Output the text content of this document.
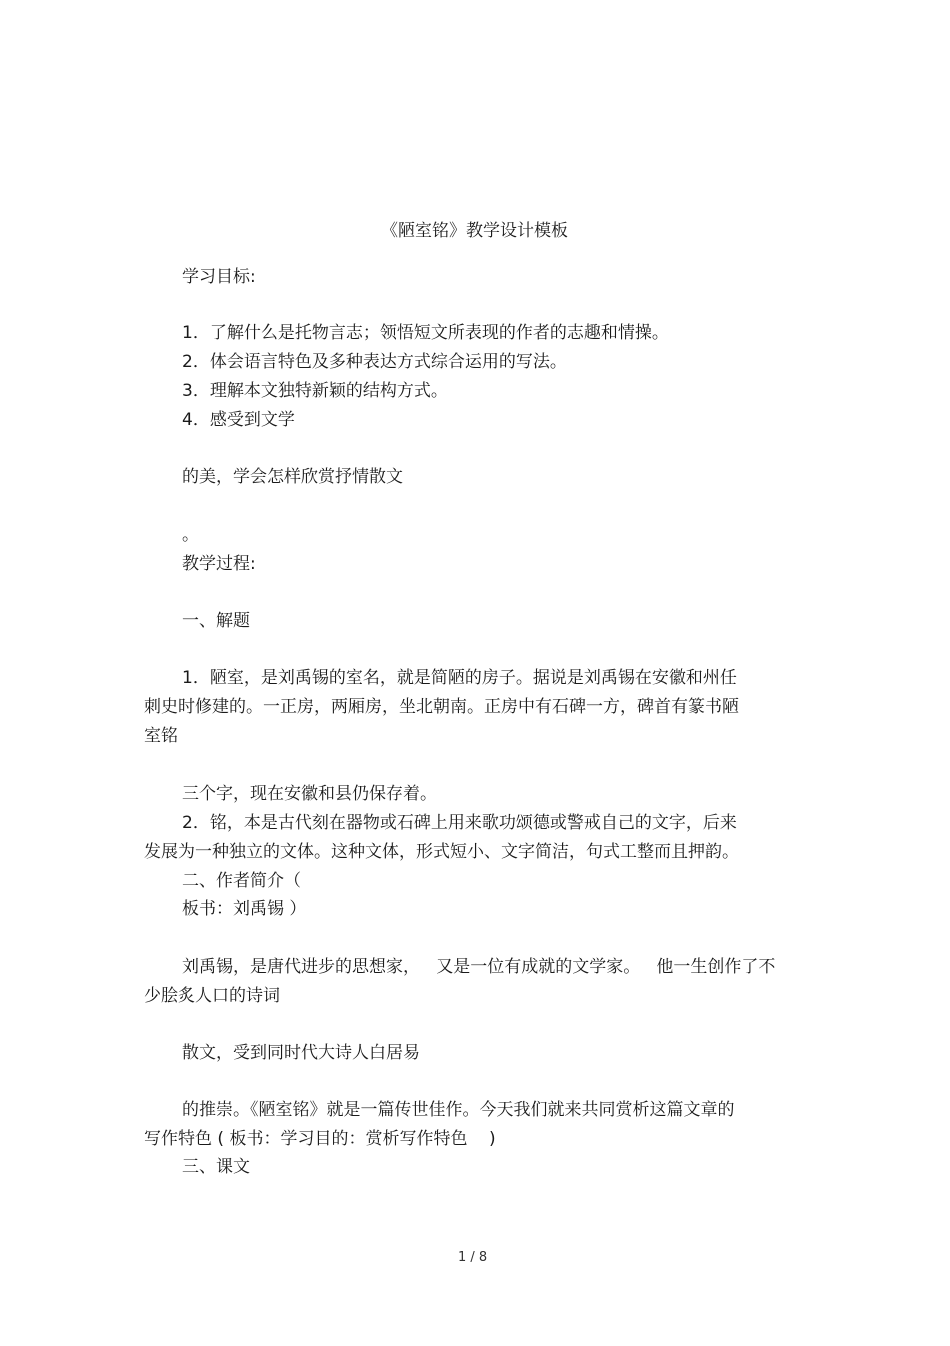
《陋室铭》教学设计模板
学习目标:
1．了解什么是托物言志；领悟短文所表现的作者的志趣和情操。
2．体会语言特色及多种表达方式综合运用的写法。
3．理解本文独特新颖的结构方式。
4．感受到文学
的美，学会怎样欣赏抒情散文
。
教学过程:
一、解题
1．陋室，是刘禹锡的室名，就是简陋的房子。据说是刘禹锡在安徽和州任
刺史时修建的。一正房，两厢房，坐北朝南。正房中有石碑一方，碑首有篆书陋
室铭
三个字，现在安徽和县仍保存着。
2．铭，本是古代刻在器物或石碑上用来歌功颂德或警戒自己的文字，后来
发展为一种独立的文体。这种文体，形式短小、文字简洁，句式工整而且押韵。
二、作者简介（
板书：刘禹锡 ）
刘禹锡，是唐代进步的思想家，   又是一位有成就的文学家。   他一生创作了不
少脍炙人口的诗词
散文，受到同时代大诗人白居易
的推崇。《陋室铭》就是一篇传世佳作。今天我们就来共同赏析这篇文章的
写作特色 ( 板书：学习目的：赏析写作特色    )
三、课文
1 / 8
